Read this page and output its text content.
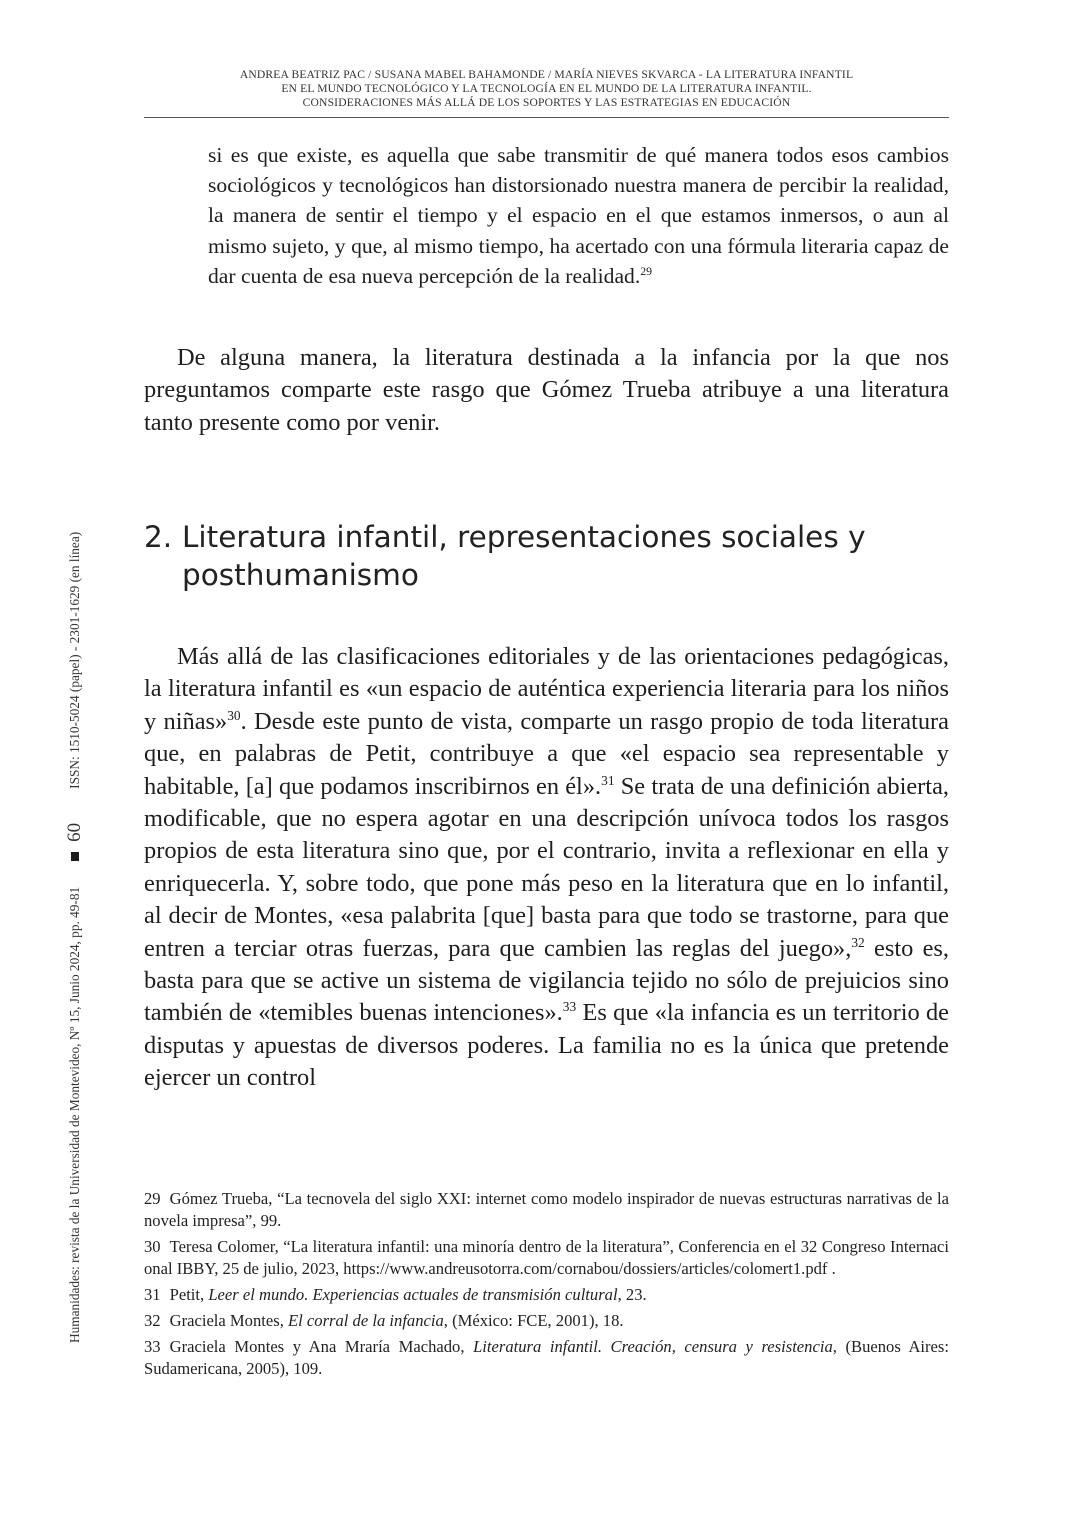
ANDREA BEATRIZ PAC / SUSANA MABEL BAHAMONDE / MARÍA NIEVES SKVARCA - LA LITERATURA INFANTIL
EN EL MUNDO TECNOLÓGICO Y LA TECNOLOGÍA EN EL MUNDO DE LA LITERATURA INFANTIL.
CONSIDERACIONES MÁS ALLÁ DE LOS SOPORTES Y LAS ESTRATEGIAS EN EDUCACIÓN
Humanidades: revista de la Universidad de Montevideo, Nº 15, Junio 2024, pp. 49-81
60
ISSN: 1510-5024 (papel) - 2301-1629 (en línea)

si es que existe, es aquella que sabe transmitir de qué manera todos esos cambios sociológicos y tecnológicos han distorsionado nuestra manera de percibir la realidad, la manera de sentir el tiempo y el espacio en el que estamos inmersos, o aun al mismo sujeto, y que, al mismo tiempo, ha acertado con una fórmula literaria capaz de dar cuenta de esa nueva percepción de la realidad.$^{29}$

De alguna manera, la literatura destinada a la infancia por la que nos preguntamos comparte este rasgo que Gómez Trueba atribuye a una literatura tanto presente como por venir.

2. Literatura infantil, representaciones sociales y
posthumanismo

Más allá de las clasificaciones editoriales y de las orientaciones pedagógicas, la literatura infantil es «un espacio de auténtica experiencia literaria para los niños y niñas»$^{30}$. Desde este punto de vista, comparte un rasgo propio de toda literatura que, en palabras de Petit, contribuye a que «el espacio sea representable y habitable, [a] que podamos inscribirnos en él».$^{31}$ Se trata de una definición abierta, modificable, que no espera agotar en una descripción unívoca todos los rasgos propios de esta literatura sino que, por el contrario, invita a reflexionar en ella y enriquecerla. Y, sobre todo, que pone más peso en la literatura que en lo infantil, al decir de Montes, «esa palabrita [que] basta para que todo se trastorne, para que entren a terciar otras fuerzas, para que cambien las reglas del juego»,$^{32}$ esto es, basta para que se active un sistema de vigilancia tejido no sólo de prejuicios sino también de «temibles buenas intenciones».$^{33}$ Es que «la infancia es un territorio de disputas y apuestas de diversos poderes. La familia no es la única que pretende ejercer un control

29 Gómez Trueba, “La tecnovela del siglo XXI: internet como modelo inspirador de nuevas estructuras narrativas de la novela impresa”, 99.
30 Teresa Colomer, “La literatura infantil: una minoría dentro de la literatura”, Conferencia en el 32 Congreso Internacional IBBY, 25 de julio, 2023, https://www.andreusotorra.com/cornabou/dossiers/articles/colomert1.pdf .
31 Petit, Leer el mundo. Experiencias actuales de transmisión cultural, 23.
32 Graciela Montes, El corral de la infancia, (México: FCE, 2001), 18.
33 Graciela Montes y Ana Mraría Machado, Literatura infantil. Creación, censura y resistencia, (Buenos Aires: Sudamericana, 2005), 109.
